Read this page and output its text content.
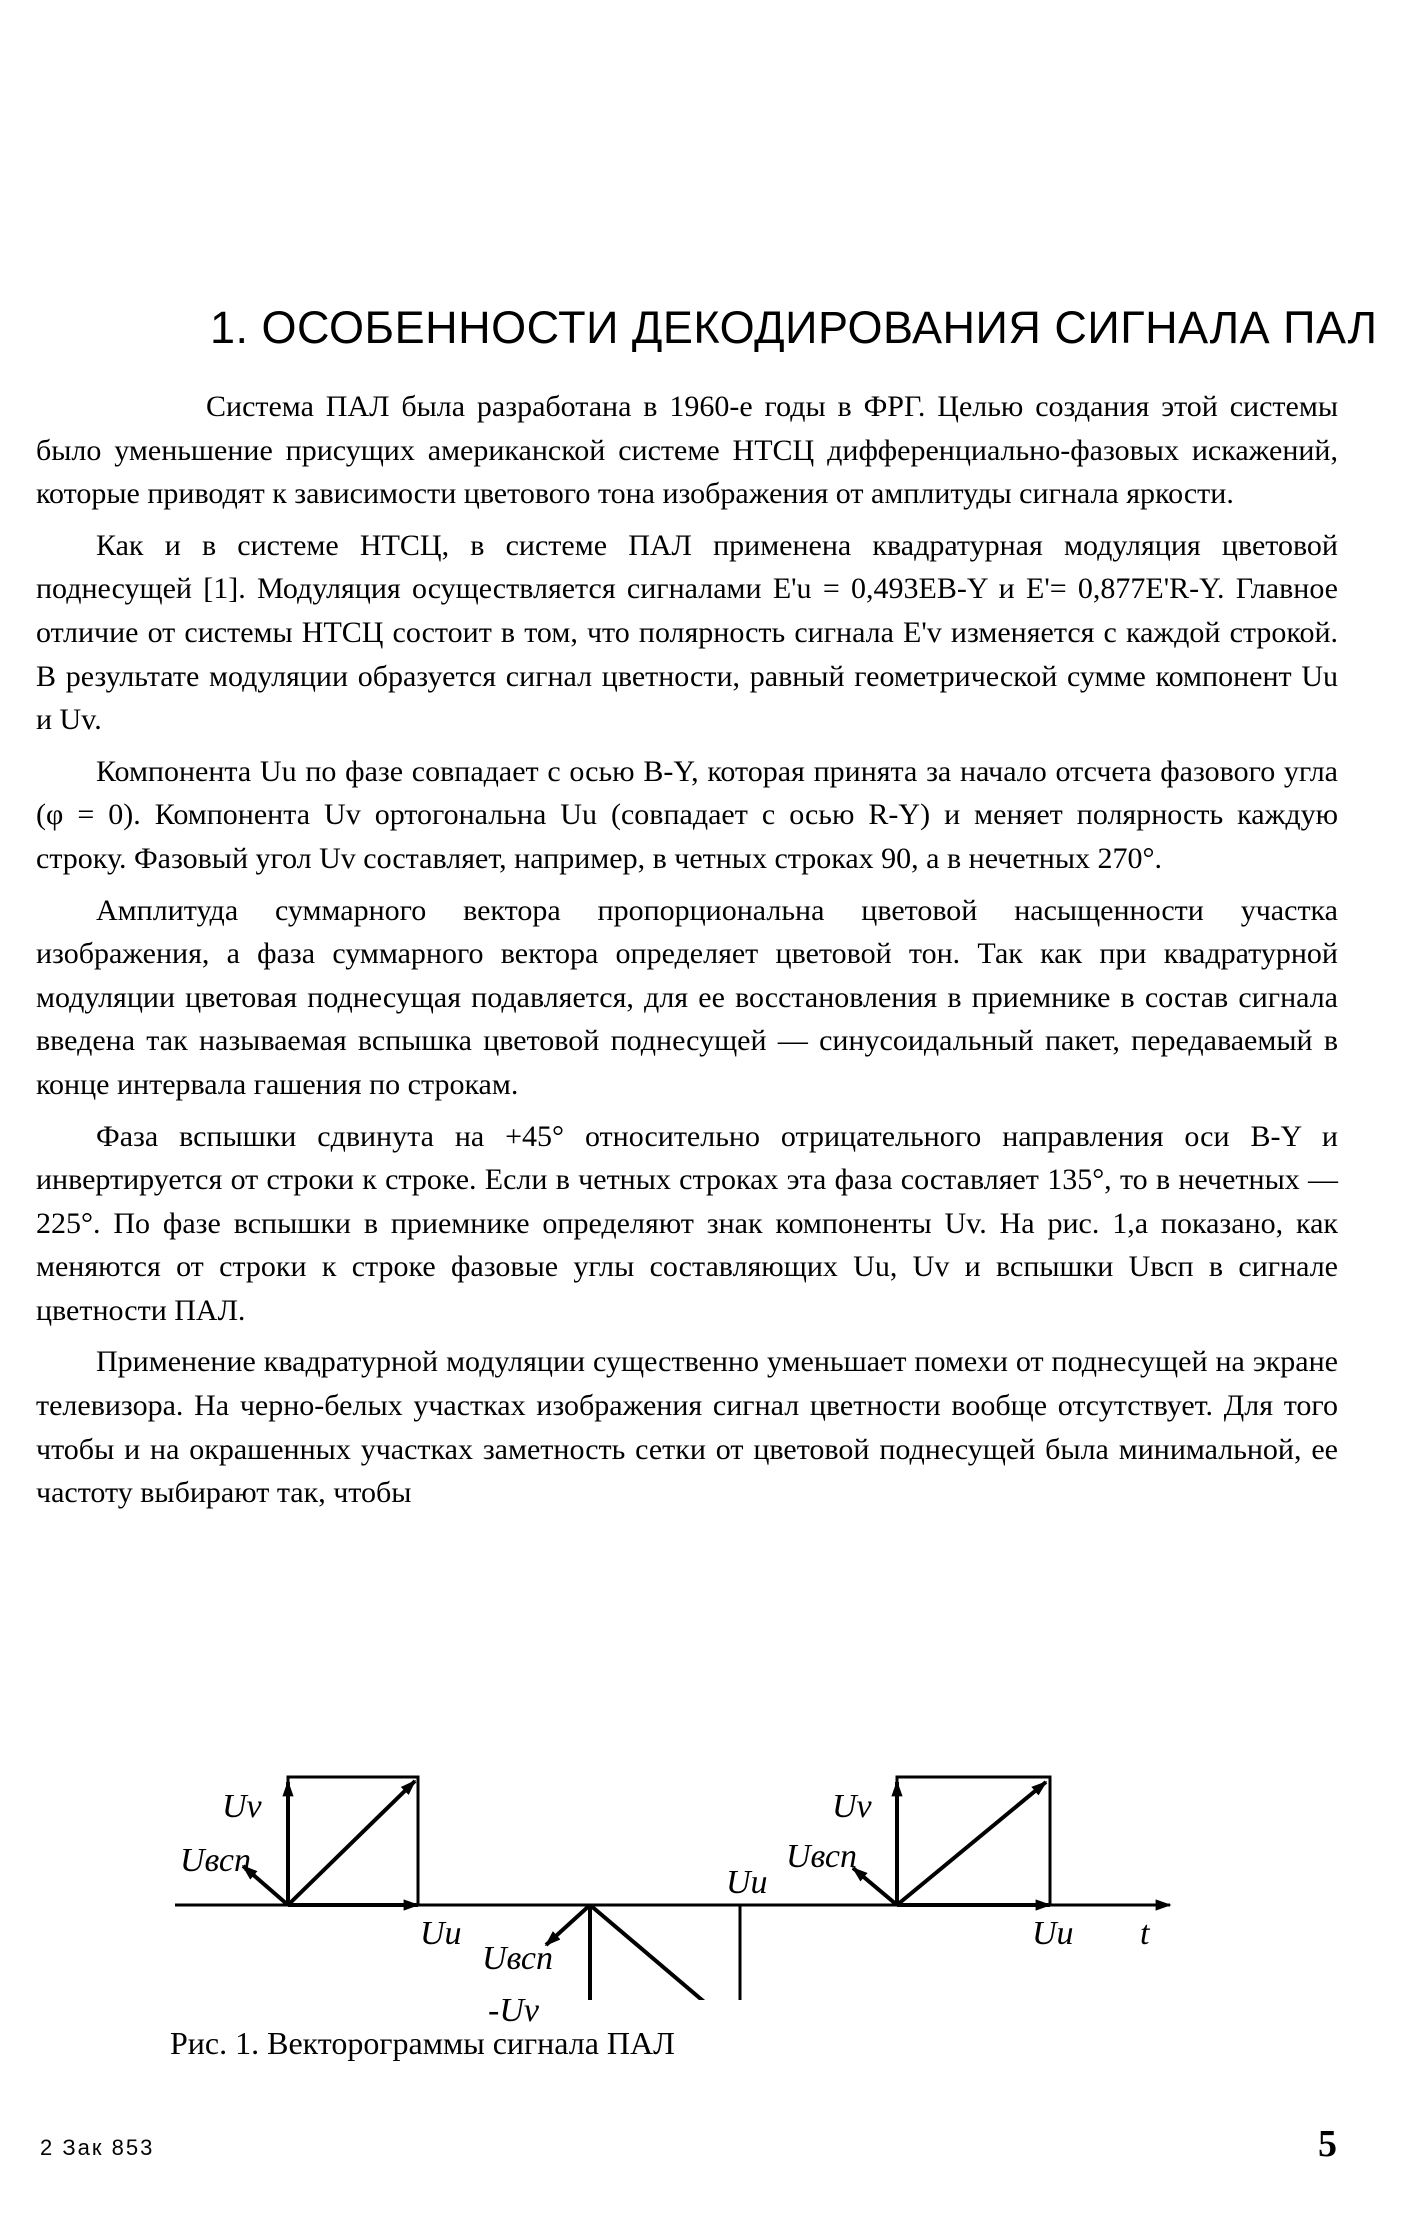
1. ОСОБЕННОСТИ ДЕКОДИРОВАНИЯ СИГНАЛА ПАЛ

Система ПАЛ была разработана в 1960-е годы в ФРГ. Целью создания этой системы было уменьшение присущих американской системе НТСЦ дифференциально-фазовых искажений, которые приводят к зависимости цветового тона изображения от амплитуды сигнала яркости.

Как и в системе НТСЦ, в системе ПАЛ применена квадратурная модуляция цветовой поднесущей [1]. Модуляция осуществляется сигналами E'u = 0,493EB-Y и E'= 0,877E'R-Y. Главное отличие от системы НТСЦ состоит в том, что полярность сигнала E'v изменяется с каждой строкой. В результате модуляции образуется сигнал цветности, равный геометрической сумме компонент Uu и Uv.

Компонента Uu по фазе совпадает с осью B-Y, которая принята за начало отсчета фазового угла (φ = 0). Компонента Uv ортогональна Uu (совпадает с осью R-Y) и меняет полярность каждую строку. Фазовый угол Uv составляет, например, в четных строках 90, а в нечетных 270°.

Амплитуда суммарного вектора пропорциональна цветовой насыщенности участка изображения, а фаза суммарного вектора определяет цветовой тон. Так как при квадратурной модуляции цветовая поднесущая подавляется, для ее восстановления в приемнике в состав сигнала введена так называемая вспышка цветовой поднесущей — синусоидальный пакет, передаваемый в конце интервала гашения по строкам.

Фаза вспышки сдвинута на +45° относительно отрицательного направления оси B-Y и инвертируется от строки к строке. Если в четных строках эта фаза составляет 135°, то в нечетных — 225°. По фазе вспышки в приемнике определяют знак компоненты Uv. На рис. 1,а показано, как меняются от строки к строке фазовые углы составляющих Uu, Uv и вспышки Uвсп в сигнале цветности ПАЛ.

Применение квадратурной модуляции существенно уменьшает помехи от поднесущей на экране телевизора. На черно-белых участках изображения сигнал цветности вообще отсутствует. Для того чтобы и на окрашенных участках заметность сетки от цветовой поднесущей была минимальной, ее частоту выбирают так, чтобы

Uv
Uвсп
Uu
Uвсп
-Uv
Uv
Uвсп
Uu
Uu t
Рис. 1. Векторограммы сигнала ПАЛ
2 Зак 853	5
